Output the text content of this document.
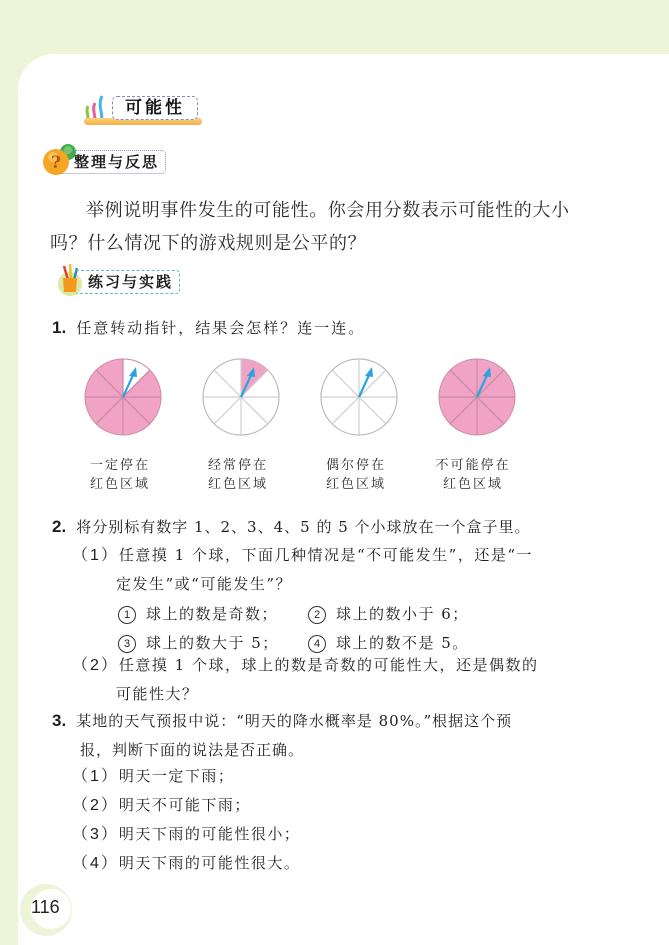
可能性
? 整理与反思
举例说明事件发生的可能性。你会用分数表示可能性的大小吗？什么情况下的游戏规则是公平的？
练习与实践
1. 任意转动指针，结果会怎样？连一连。
一定停在
红色区域
经常停在
红色区域
偶尔停在
红色区域
不可能停在
红色区域
2. 将分别标有数字 1、2、3、4、5 的 5 个小球放在一个盒子里。
（1）任意摸 1 个球，下面几种情况是“不可能发生”，还是“一
定发生”或“可能发生”？
1 球上的数是奇数；	2 球上的数小于 6；
3 球上的数大于 5；	4 球上的数不是 5。
（2）任意摸 1 个球，球上的数是奇数的可能性大，还是偶数的
可能性大？
3. 某地的天气预报中说：“明天的降水概率是 80%。”根据这个预
报，判断下面的说法是否正确。
（1）明天一定下雨；
（2）明天不可能下雨；
（3）明天下雨的可能性很小；
（4）明天下雨的可能性很大。
116
